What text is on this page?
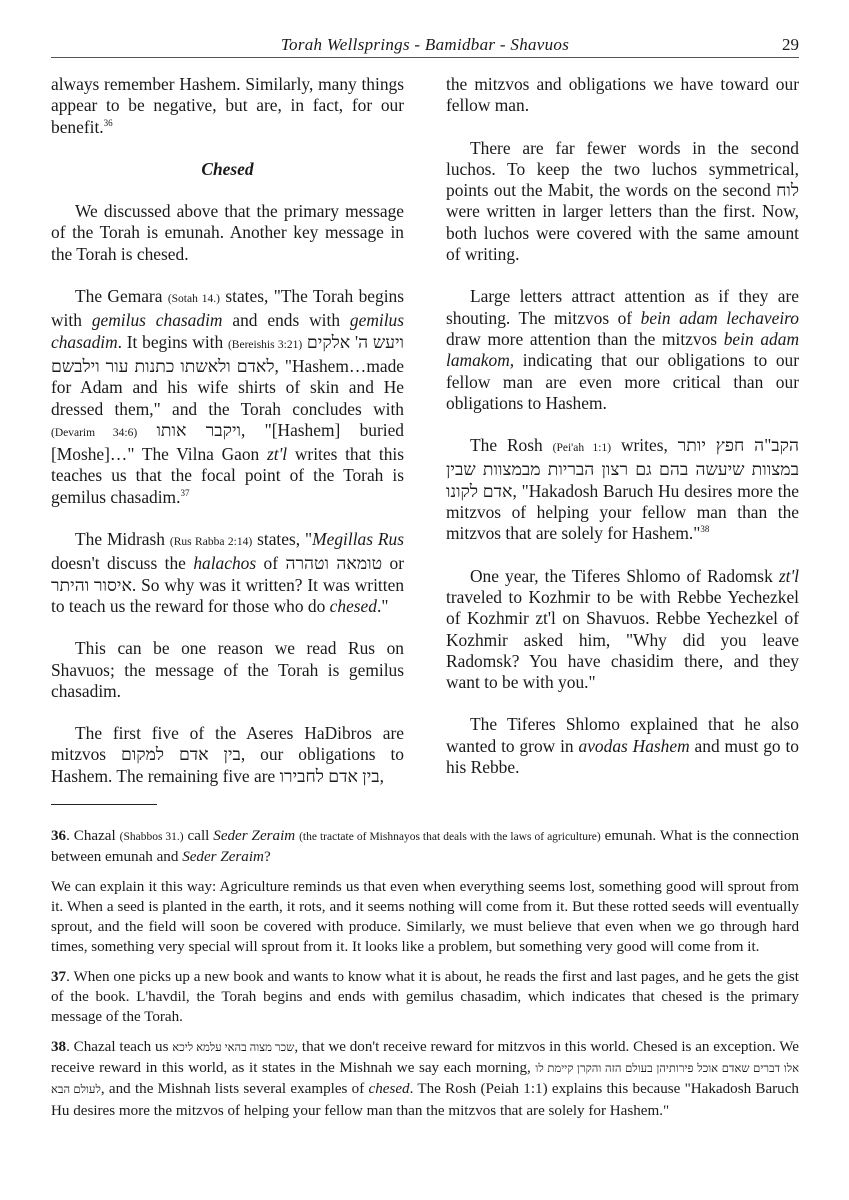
Torah Wellsprings - Bamidbar - Shavuos	29

always remember Hashem. Similarly, many things appear to be negative, but are, in fact, for our benefit.$^{36}$

Chesed

We discussed above that the primary message of the Torah is emunah. Another key message in the Torah is chesed.

The Gemara (Sotah 14.) states, "The Torah begins with gemilus chasadim and ends with gemilus chasadim. It begins with (Bereishis 3:21) ויעש ה' אלקים לאדם ולאשתו כתנות עור וילבשם, "Hashem…made for Adam and his wife shirts of skin and He dressed them," and the Torah concludes with (Devarim 34:6) ויקבר אותו, "[Hashem] buried [Moshe]…" The Vilna Gaon zt'l writes that this teaches us that the focal point of the Torah is gemilus chasadim.$^{37}$

The Midrash (Rus Rabba 2:14) states, "Megillas Rus doesn't discuss the halachos of טומאה וטהרה or איסור והיתר. So why was it written? It was written to teach us the reward for those who do chesed."

This can be one reason we read Rus on Shavuos; the message of the Torah is gemilus chasadim.

The first five of the Aseres HaDibros are mitzvos בין אדם למקום, our obligations to Hashem. The remaining five are בין אדם לחבירו,

the mitzvos and obligations we have toward our fellow man.

There are far fewer words in the second luchos. To keep the two luchos symmetrical, points out the Mabit, the words on the second לוח were written in larger letters than the first. Now, both luchos were covered with the same amount of writing.

Large letters attract attention as if they are shouting. The mitzvos of bein adam lechaveiro draw more attention than the mitzvos bein adam lamakom, indicating that our obligations to our fellow man are even more critical than our obligations to Hashem.

The Rosh (Pei'ah 1:1) writes, הקב"ה חפץ יותר במצוות שיעשה בהם גם רצון הבריות מבמצוות שבין אדם לקונו, "Hakadosh Baruch Hu desires more the mitzvos of helping your fellow man than the mitzvos that are solely for Hashem."$^{38}$

One year, the Tiferes Shlomo of Radomsk zt'l traveled to Kozhmir to be with Rebbe Yechezkel of Kozhmir zt'l on Shavuos. Rebbe Yechezkel of Kozhmir asked him, "Why did you leave Radomsk? You have chasidim there, and they want to be with you."

The Tiferes Shlomo explained that he also wanted to grow in avodas Hashem and must go to his Rebbe.

36. Chazal (Shabbos 31.) call Seder Zeraim (the tractate of Mishnayos that deals with the laws of agriculture) emunah. What is the connection between emunah and Seder Zeraim?

We can explain it this way: Agriculture reminds us that even when everything seems lost, something good will sprout from it. When a seed is planted in the earth, it rots, and it seems nothing will come from it. But these rotted seeds will eventually sprout, and the field will soon be covered with produce. Similarly, we must believe that even when we go through hard times, something very special will sprout from it. It looks like a problem, but something very good will come from it.

37. When one picks up a new book and wants to know what it is about, he reads the first and last pages, and he gets the gist of the book. L'havdil, the Torah begins and ends with gemilus chasadim, which indicates that chesed is the primary message of the Torah.

38. Chazal teach us שכר מצוה בהאי עלמא ליכא, that we don't receive reward for mitzvos in this world. Chesed is an exception. We receive reward in this world, as it states in the Mishnah we say each morning, אלו דברים שאדם אוכל פירותיהן בעולם הזה והקרן קיימת לו לעולם הבא, and the Mishnah lists several examples of chesed. The Rosh (Peiah 1:1) explains this because "Hakadosh Baruch Hu desires more the mitzvos of helping your fellow man than the mitzvos that are solely for Hashem."
